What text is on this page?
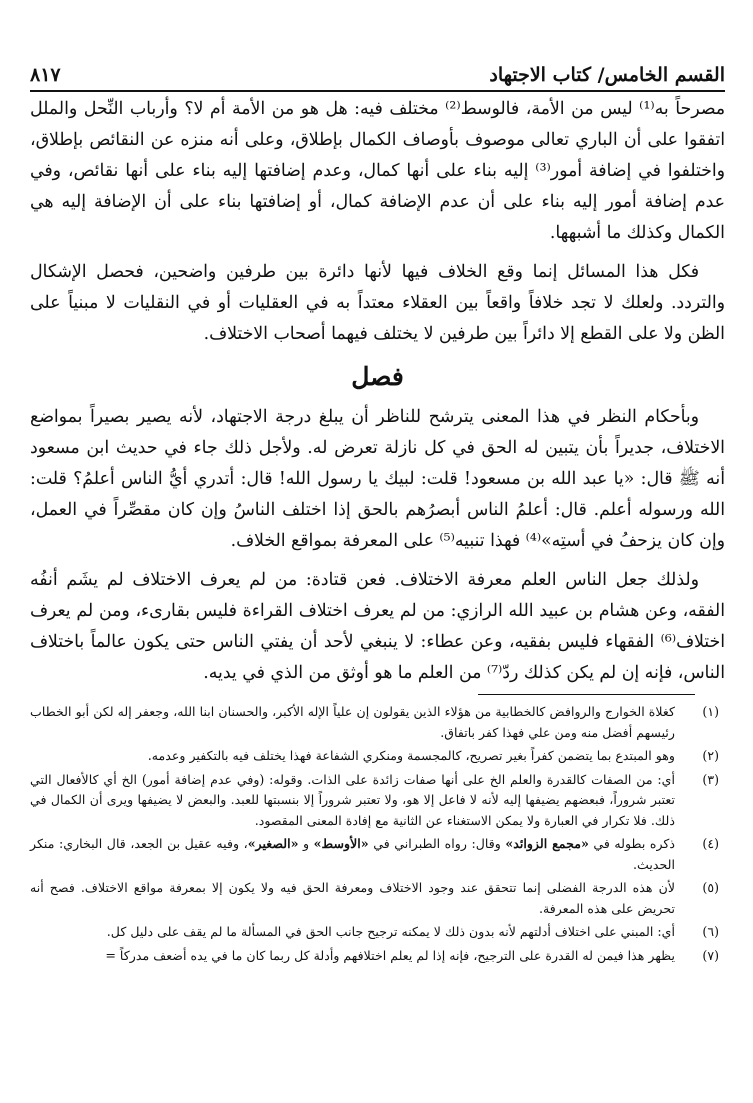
٨١٧	القسم الخامس/ كتاب الاجتهاد

مصرحاً به⁽¹⁾ ليس من الأمة، فالوسط⁽²⁾ مختلف فيه: هل هو من الأمة أم لا؟ وأرباب النِّحل والملل اتفقوا على أن الباري تعالى موصوف بأوصاف الكمال بإطلاق، وعلى أنه منزه عن النقائص بإطلاق، واختلفوا في إضافة أمور⁽³⁾ إليه بناء على أنها كمال، وعدم إضافتها إليه بناء على أنها نقائص، وفي عدم إضافة أمور إليه بناء على أن عدم الإضافة كمال، أو إضافتها بناء على أن الإضافة إليه هي الكمال وكذلك ما أشبهها.

فكل هذا المسائل إنما وقع الخلاف فيها لأنها دائرة بين طرفين واضحين، فحصل الإشكال والتردد. ولعلك لا تجد خلافاً واقعاً بين العقلاء معتداً به في العقليات أو في النقليات لا مبنياً على الظن ولا على القطع إلا دائراً بين طرفين لا يختلف فيهما أصحاب الاختلاف.

فصل

وبأحكام النظر في هذا المعنى يترشح للناظر أن يبلغ درجة الاجتهاد، لأنه يصير بصيراً بمواضع الاختلاف، جديراً بأن يتبين له الحق في كل نازلة تعرض له. ولأجل ذلك جاء في حديث ابن مسعود أنه ﷺ قال: «يا عبد الله بن مسعود! قلت: لبيك يا رسول الله! قال: أتدري أيُّ الناس أعلمُ؟ قلت: الله ورسوله أعلم. قال: أعلمُ الناس أبصرُهم بالحق إذا اختلف الناسُ وإن كان مقصِّراً في العمل، وإن كان يزحفُ في أستِه»⁽⁴⁾ فهذا تنبيه⁽⁵⁾ على المعرفة بمواقع الخلاف.

ولذلك جعل الناس العلم معرفة الاختلاف. فعن قتادة: من لم يعرف الاختلاف لم يشَم أنفُه الفقه، وعن هشام بن عبيد الله الرازي: من لم يعرف اختلاف القراءة فليس بقارىء، ومن لم يعرف اختلاف⁽⁶⁾ الفقهاء فليس بفقيه، وعن عطاء: لا ينبغي لأحد أن يفتي الناس حتى يكون عالماً باختلاف الناس، فإنه إن لم يكن كذلك ردّ⁽⁷⁾ من العلم ما هو أوثق من الذي في يديه.

(١)
كغلاة الخوارج والروافض كالخطابية من هؤلاء الذين يقولون إن علياً الإله الأكبر، والحسنان ابنا الله، وجعفر إله لكن أبو الخطاب رئيسهم أفضل منه ومن علي فهذا كفر باتفاق.
(٢)
وهو المبتدع بما يتضمن كفراً بغير تصريح، كالمجسمة ومنكري الشفاعة فهذا يختلف فيه بالتكفير وعدمه.
(٣)
أي: من الصفات كالقدرة والعلم الخ على أنها صفات زائدة على الذات. وقوله: (وفي عدم إضافة أمور) الخ أي كالأفعال التي تعتبر شروراً، فبعضهم يضيفها إليه لأنه لا فاعل إلا هو، ولا تعتبر شروراً إلا بنسبتها للعبد. والبعض لا يضيفها ويرى أن الكمال في ذلك. فلا تكرار في العبارة ولا يمكن الاستغناء عن الثانية مع إفادة المعنى المقصود.
(٤)
ذكره بطوله في «مجمع الزوائد» وقال: رواه الطبراني في «الأوسط» و «الصغير»، وفيه عقيل بن الجعد، قال البخاري: منكر الحديث.
(٥)
لأن هذه الدرجة الفضلى إنما تتحقق عند وجود الاختلاف ومعرفة الحق فيه ولا يكون إلا بمعرفة مواقع الاختلاف. فصح أنه تحريض على هذه المعرفة.
(٦)
أي: المبني على اختلاف أدلتهم لأنه بدون ذلك لا يمكنه ترجيح جانب الحق في المسألة ما لم يقف على دليل كل.
(٧)
يظهر هذا فيمن له القدرة على الترجيح، فإنه إذا لم يعلم اختلافهم وأدلة كل ربما كان ما في يده أضعف مدركاً =
